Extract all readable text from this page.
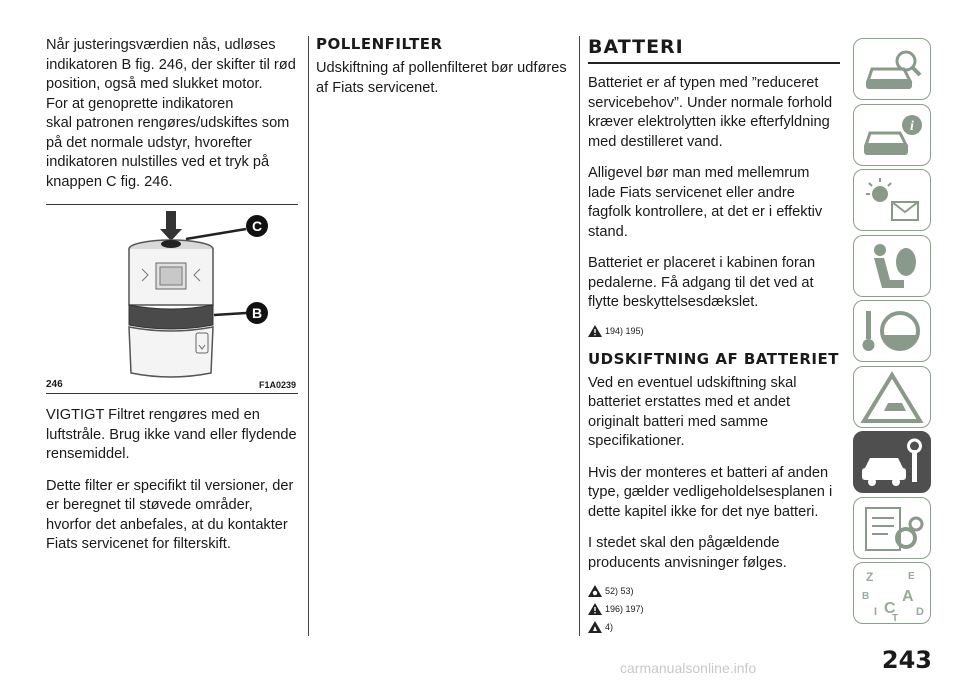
Når justeringsværdien nås, udløses indikatoren B fig. 246, der skifter til rød position, også med slukket motor.
For at genoprette indikatoren
skal patronen rengøres/udskiftes som på det normale udstyr, hvorefter indikatoren nulstilles ved et tryk på knappen C fig. 246.

C
B
246	F1A0239

VIGTIGT Filtret rengøres med en luftstråle. Brug ikke vand eller flydende rensemiddel.

Dette filter er specifikt til versioner, der er beregnet til støvede områder, hvorfor det anbefales, at du kontakter Fiats servicenet for filterskift.

POLLENFILTER

Udskiftning af pollenfilteret bør udføres af Fiats servicenet.

BATTERI

Batteriet er af typen med ”reduceret servicebehov”. Under normale forhold kræver elektrolytten ikke efterfyldning med destilleret vand.

Alligevel bør man med mellemrum lade Fiats servicenet eller andre fagfolk kontrollere, at det er i effektiv stand.

Batteriet er placeret i kabinen foran pedalerne. Få adgang til det ved at flytte beskyttelsesdækslet.

194) 195)
UDSKIFTNING AF BATTERIET

Ved en eventuel udskiftning skal batteriet erstattes med et andet originalt batteri med samme specifikationer.

Hvis der monteres et batteri af anden type, gælder vedligeholdelsesplanen i dette kapitel ikke for det nye batteri.

I stedet skal den pågældende producents anvisninger følges.

52) 53)
196) 197)
4)
i
Z	E
B A
I C
T
D
243
carmanualsonline.info
